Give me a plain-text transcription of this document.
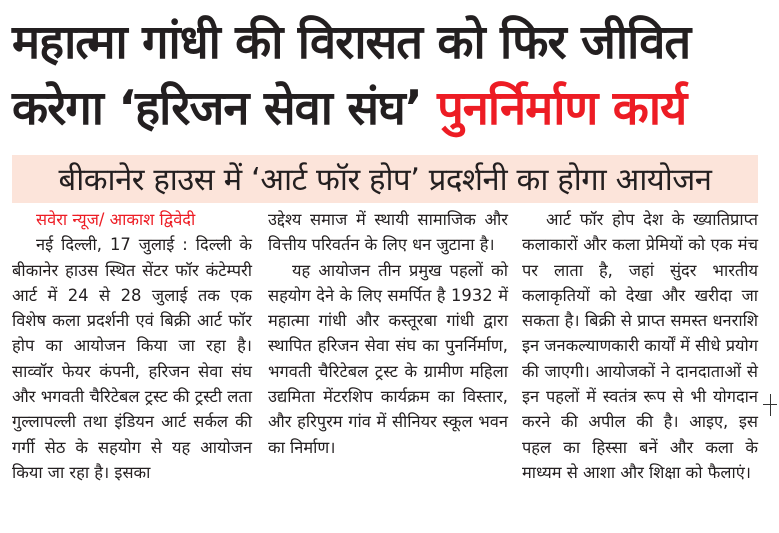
महात्मा गांधी की विरासत को फिर जीवित
करेगा ‘हरिजन सेवा संघ’ पुनर्निर्माण कार्य
बीकानेर हाउस में ‘आर्ट फॉर होप’ प्रदर्शनी का होगा आयोजन
सवेरा न्यूज/ आकाश द्विवेदी

नई दिल्ली, 17 जुलाई : दिल्ली के बीकानेर हाउस स्थित सेंटर फॉर कंटेम्परी आर्ट में 24 से 28 जुलाई तक एक विशेष कला प्रदर्शनी एवं बिक्री आर्ट फॉर होप का आयोजन किया जा रहा है। साव्वॉर फेयर कंपनी, हरिजन सेवा संघ और भगवती चैरिटेबल ट्रस्ट की ट्रस्टी लता गुल्लापल्ली तथा इंडियन आर्ट सर्कल की गर्गी सेठ के सहयोग से यह आयोजन किया जा रहा है। इसका

उद्देश्य समाज में स्थायी सामाजिक और वित्तीय परिवर्तन के लिए धन जुटाना है।

यह आयोजन तीन प्रमुख पहलों को सहयोग देने के लिए समर्पित है 1932 में महात्मा गांधी और कस्तूरबा गांधी द्वारा स्थापित हरिजन सेवा संघ का पुनर्निर्माण, भगवती चैरिटेबल ट्रस्ट के ग्रामीण महिला उद्यमिता मेंटरशिप कार्यक्रम का विस्तार, और हरिपुरम गांव में सीनियर स्कूल भवन का निर्माण।

आर्ट फॉर होप देश के ख्यातिप्राप्त कलाकारों और कला प्रेमियों को एक मंच पर लाता है, जहां सुंदर भारतीय कलाकृतियों को देखा और खरीदा जा सकता है। बिक्री से प्राप्त समस्त धनराशि इन जनकल्याणकारी कार्यों में सीधे प्रयोग की जाएगी। आयोजकों ने दानदाताओं से इन पहलों में स्वतंत्र रूप से भी योगदान करने की अपील की है। आइए, इस पहल का हिस्सा बनें और कला के माध्यम से आशा और शिक्षा को फैलाएं।
